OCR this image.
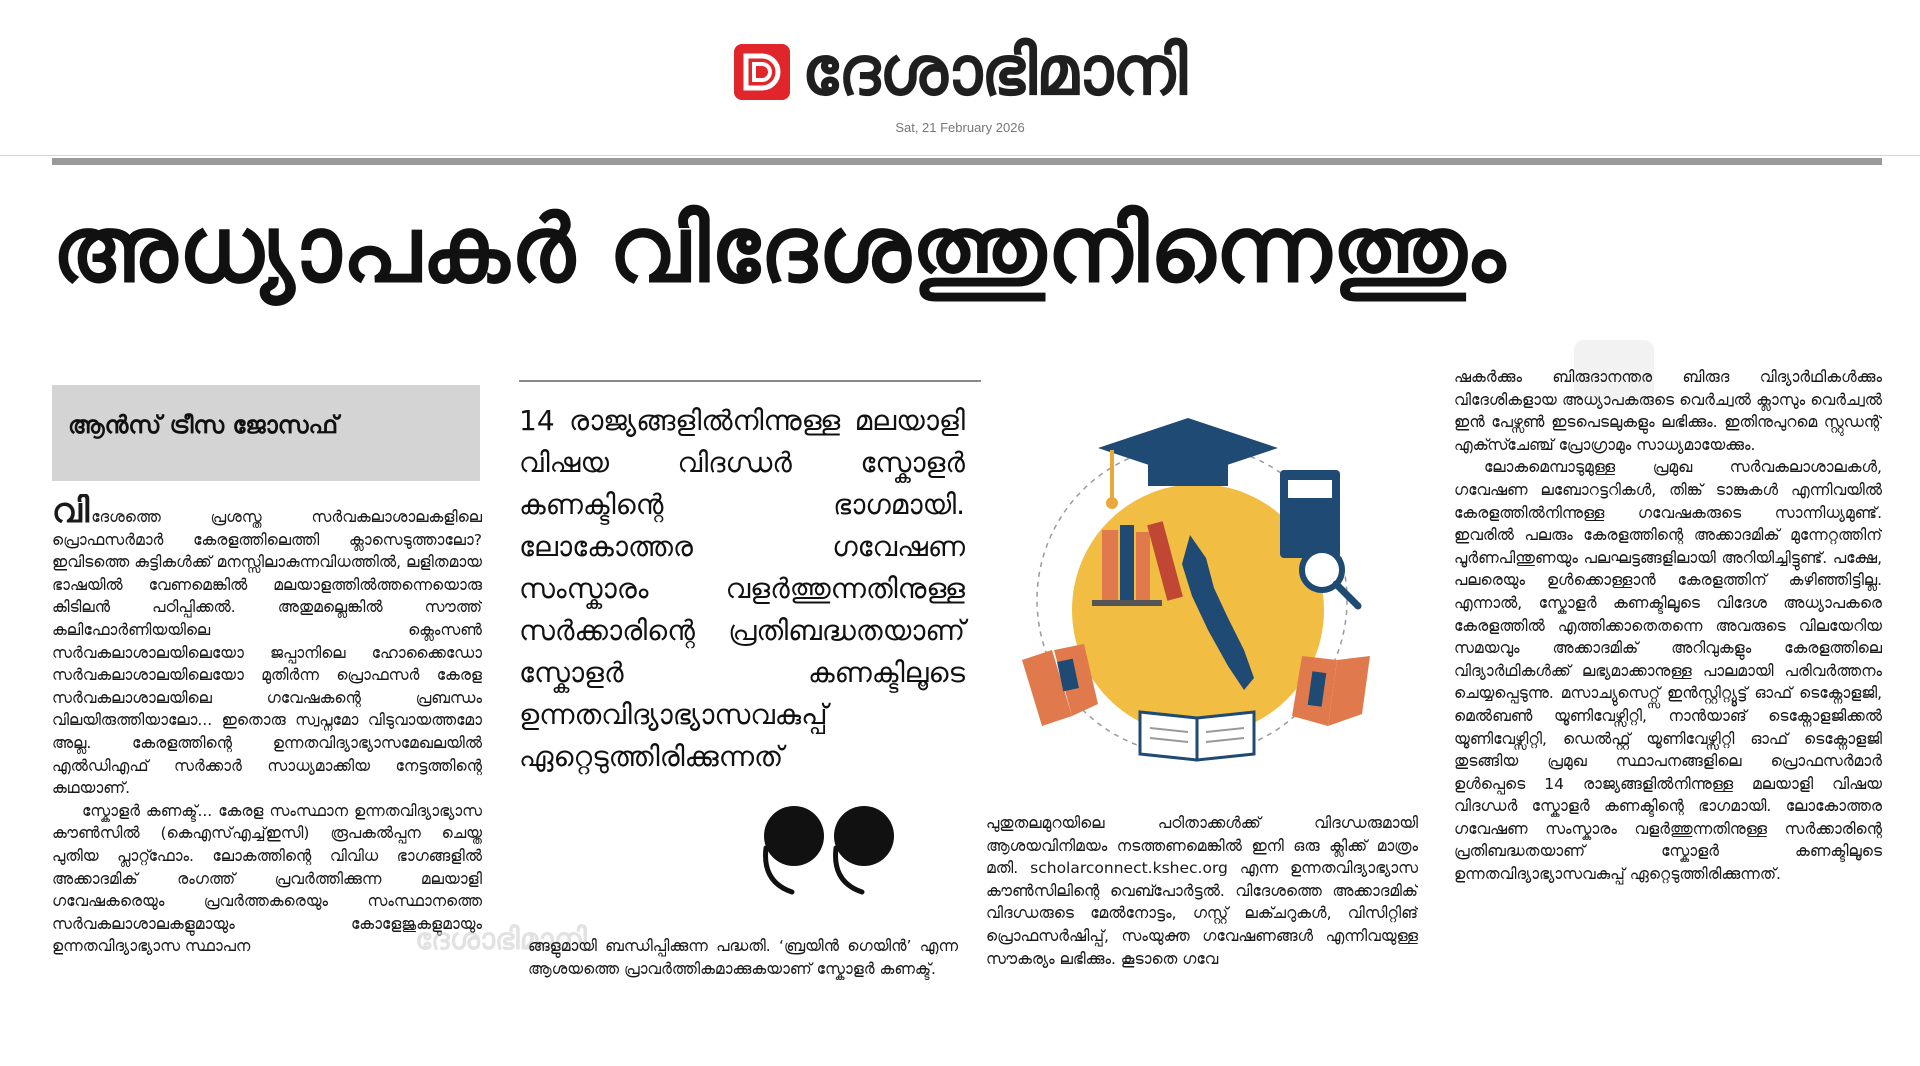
ദേശാഭിമാനി
Sat, 21 February 2026
അധ്യാപകർ വിദേശത്തുനിന്നെത്തും
ആൻസ് ട്രീസ ജോസഫ്

വിദേശത്തെ പ്രശസ്ത സർവകലാശാലകളിലെ പ്രൊഫസർമാർ കേരളത്തിലെത്തി ക്ലാസെടുത്താലോ? ഇവിടത്തെ കുട്ടികൾക്ക് മനസ്സിലാകുന്നവിധത്തിൽ, ലളിതമായ ഭാഷയിൽ വേണമെങ്കിൽ മലയാളത്തിൽത്തന്നെയൊരു കിടിലൻ പഠിപ്പിക്കൽ. അതുമല്ലെങ്കിൽ സൗത്ത് കലിഫോർണിയയിലെ ക്ലെംസൺ സർവകലാശാലയിലെയോ ജപ്പാനിലെ ഹോക്കൈഡോ സർവകലാശാലയിലെയോ മുതിർന്ന പ്രൊഫസർ കേരള സർവകലാശാലയിലെ ഗവേഷകന്റെ പ്രബന്ധം വിലയിരുത്തിയാലോ... ഇതൊരു സ്വപ്നമോ വിടുവായത്തമോ അല്ല. കേരളത്തിന്റെ ഉന്നതവിദ്യാഭ്യാസമേഖലയിൽ എൽഡിഎഫ് സർക്കാർ സാധ്യമാക്കിയ നേട്ടത്തിന്റെ കഥയാണ്.

സ്കോളർ കണക്ട്... കേരള സംസ്ഥാന ഉന്നതവിദ്യാഭ്യാസ കൗൺസിൽ (കെഎസ്എച്ച്ഇസി) രൂപകൽപ്പന ചെയ്ത പുതിയ പ്ലാറ്റ്ഫോം. ലോകത്തിന്റെ വിവിധ ഭാഗങ്ങളിൽ അക്കാദമിക് രംഗത്ത് പ്രവർത്തിക്കുന്ന മലയാളി ഗവേഷകരെയും പ്രവർത്തകരെയും സംസ്ഥാനത്തെ സർവകലാശാലകളുമായും കോളേജുകളുമായും ഉന്നതവിദ്യാഭ്യാസ സ്ഥാപന

14 രാജ്യങ്ങളിൽനിന്നുള്ള മലയാളി വിഷയ വിദഗ്ധർ സ്കോളർ കണക്ടിന്റെ ഭാഗമായി. ലോകോത്തര ഗവേഷണ സംസ്കാരം വളർത്തുന്നതിനുള്ള സർക്കാരിന്റെ പ്രതിബദ്ധതയാണ് സ്കോളർ കണക്ടിലൂടെ ഉന്നതവിദ്യാഭ്യാസവകുപ്പ് ഏറ്റെടുത്തിരിക്കുന്നത്
ദേശാഭിമാനി
ങ്ങളുമായി ബന്ധിപ്പിക്കുന്ന പദ്ധതി. ‘ബ്രയിൻ ഗെയിൻ’ എന്ന ആശയത്തെ പ്രാവർത്തികമാക്കുകയാണ് സ്കോളർ കണക്ട്.
പുതുതലമുറയിലെ പഠിതാക്കൾക്ക് വിദഗ്ധരുമായി ആശയവിനിമയം നടത്തണമെങ്കിൽ ഇനി ഒരു ക്ലിക്ക് മാത്രം മതി. scholarconnect.kshec.org എന്ന ഉന്നതവിദ്യാഭ്യാസ കൗൺസിലിന്റെ വെബ്പോർട്ടൽ. വിദേശത്തെ അക്കാദമിക് വിദഗ്ധരുടെ മേൽനോട്ടം, ഗസ്റ്റ് ലക്ചറുകൾ, വിസിറ്റിങ് പ്രൊഫസർഷിപ്പ്, സംയുക്ത ഗവേഷണങ്ങൾ എന്നിവയുള്ള സൗകര്യം ലഭിക്കും. കൂടാതെ ഗവേ

ഷകർക്കും ബിരുദാനന്തര ബിരുദ വിദ്യാർഥികൾക്കും വിദേശികളായ അധ്യാപകരുടെ വെർച്വൽ ക്ലാസും വെർച്വൽ ഇൻ പേഴ്സൺ ഇടപെടലുകളും ലഭിക്കും. ഇതിനുപുറമെ സ്റ്റുഡന്റ് എക്സ്ചേഞ്ച് പ്രോഗ്രാമും സാധ്യമായേക്കും.

ലോകമെമ്പാടുമുള്ള പ്രമുഖ സർവകലാശാലകൾ, ഗവേഷണ ലബോറട്ടറികൾ, തിങ്ക് ടാങ്കുകൾ എന്നിവയിൽ കേരളത്തിൽനിന്നുള്ള ഗവേഷകരുടെ സാന്നിധ്യമുണ്ട്. ഇവരിൽ പലരും കേരളത്തിന്റെ അക്കാദമിക് മുന്നേറ്റത്തിന് പൂർണപിന്തുണയും പലഘട്ടങ്ങളിലായി അറിയിച്ചിട്ടുണ്ട്. പക്ഷേ, പലരെയും ഉൾക്കൊള്ളാൻ കേരളത്തിന് കഴിഞ്ഞിട്ടില്ല. എന്നാൽ, സ്കോളർ കണക്ടിലൂടെ വിദേശ അധ്യാപകരെ കേരളത്തിൽ എത്തിക്കാതെതന്നെ അവരുടെ വിലയേറിയ സമയവും അക്കാദമിക് അറിവുകളും കേരളത്തിലെ വിദ്യാർഥികൾക്ക് ലഭ്യമാക്കാനുള്ള പാലമായി പരിവർത്തനം ചെയ്യപ്പെടുന്നു. മസാച്യുസെറ്റ്സ് ഇൻസ്റ്റിറ്റ്യൂട്ട് ഓഫ് ടെക്നോളജി, മെൽബൺ യൂണിവേഴ്സിറ്റി, നാൻയാങ് ടെക്നോളജിക്കൽ യൂണിവേഴ്സിറ്റി, ഡെൽഫ്റ്റ് യൂണിവേഴ്സിറ്റി ഓഫ് ടെക്നോളജി തുടങ്ങിയ പ്രമുഖ സ്ഥാപനങ്ങളിലെ പ്രൊഫസർമാർ ഉൾപ്പെടെ 14 രാജ്യങ്ങളിൽനിന്നുള്ള മലയാളി വിഷയ വിദഗ്ധർ സ്കോളർ കണക്ടിന്റെ ഭാഗമായി. ലോകോത്തര ഗവേഷണ സംസ്കാരം വളർത്തുന്നതിനുള്ള സർക്കാരിന്റെ പ്രതിബദ്ധതയാണ് സ്കോളർ കണക്ടിലൂടെ ഉന്നതവിദ്യാഭ്യാസവകുപ്പ് ഏറ്റെടുത്തിരിക്കുന്നത്.
